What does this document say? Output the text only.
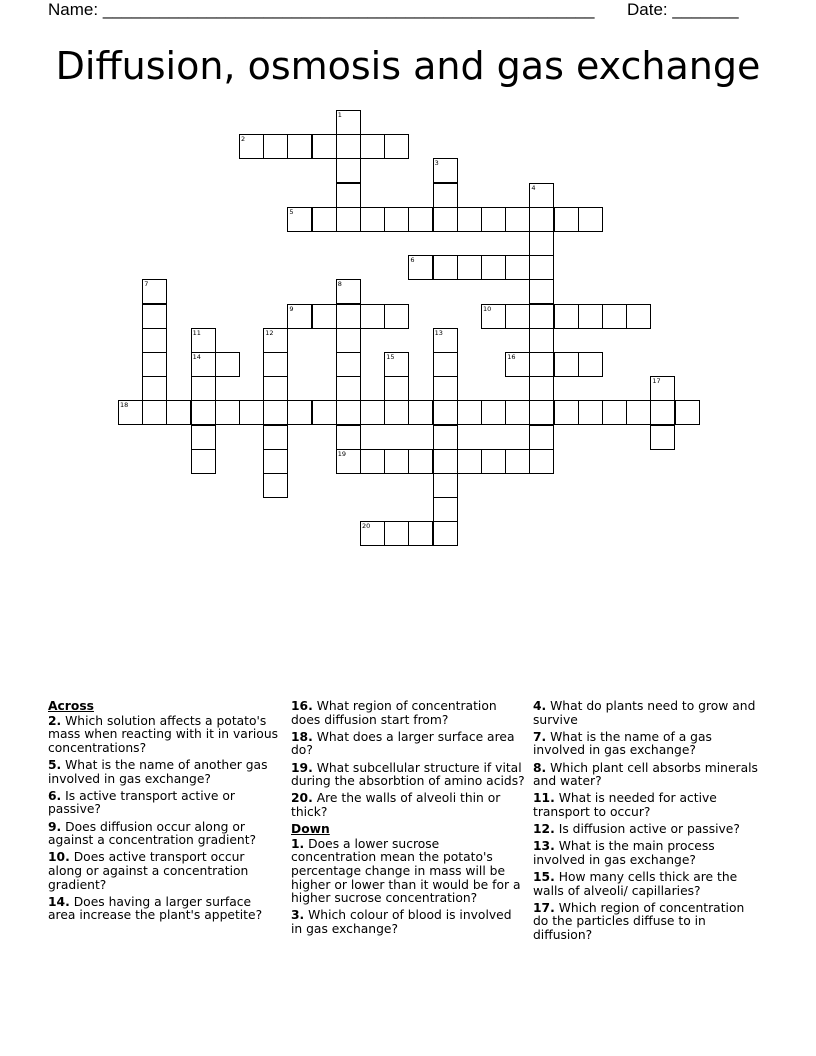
Name: ____________________________________________________ Date: _______
Diffusion, osmosis and gas exchange
1
2
3
4
5
6
7	8
19
9	10
11
14
12	13
15	16
17
18
20
Across
2. Which solution affects a potato's mass when reacting with it in various concentrations?
5. What is the name of another gas involved in gas exchange?
6. Is active transport active or passive?
9. Does diffusion occur along or against a concentration gradient?
10. Does active transport occur along or against a concentration gradient?
14. Does having a larger surface area increase the plant's appetite?
16. What region of concentration does diffusion start from?
18. What does a larger surface area do?
19. What subcellular structure if vital during the absorbtion of amino acids?
20. Are the walls of alveoli thin or thick?
Down
1. Does a lower sucrose concentration mean the potato's percentage change in mass will be higher or lower than it would be for a higher sucrose concentration?
3. Which colour of blood is involved in gas exchange?
4. What do plants need to grow and survive
7. What is the name of a gas involved in gas exchange?
8. Which plant cell absorbs minerals and water?
11. What is needed for active transport to occur?
12. Is diffusion active or passive?
13. What is the main process involved in gas exchange?
15. How many cells thick are the walls of alveoli/ capillaries?
17. Which region of concentration do the particles diffuse to in diffusion?
